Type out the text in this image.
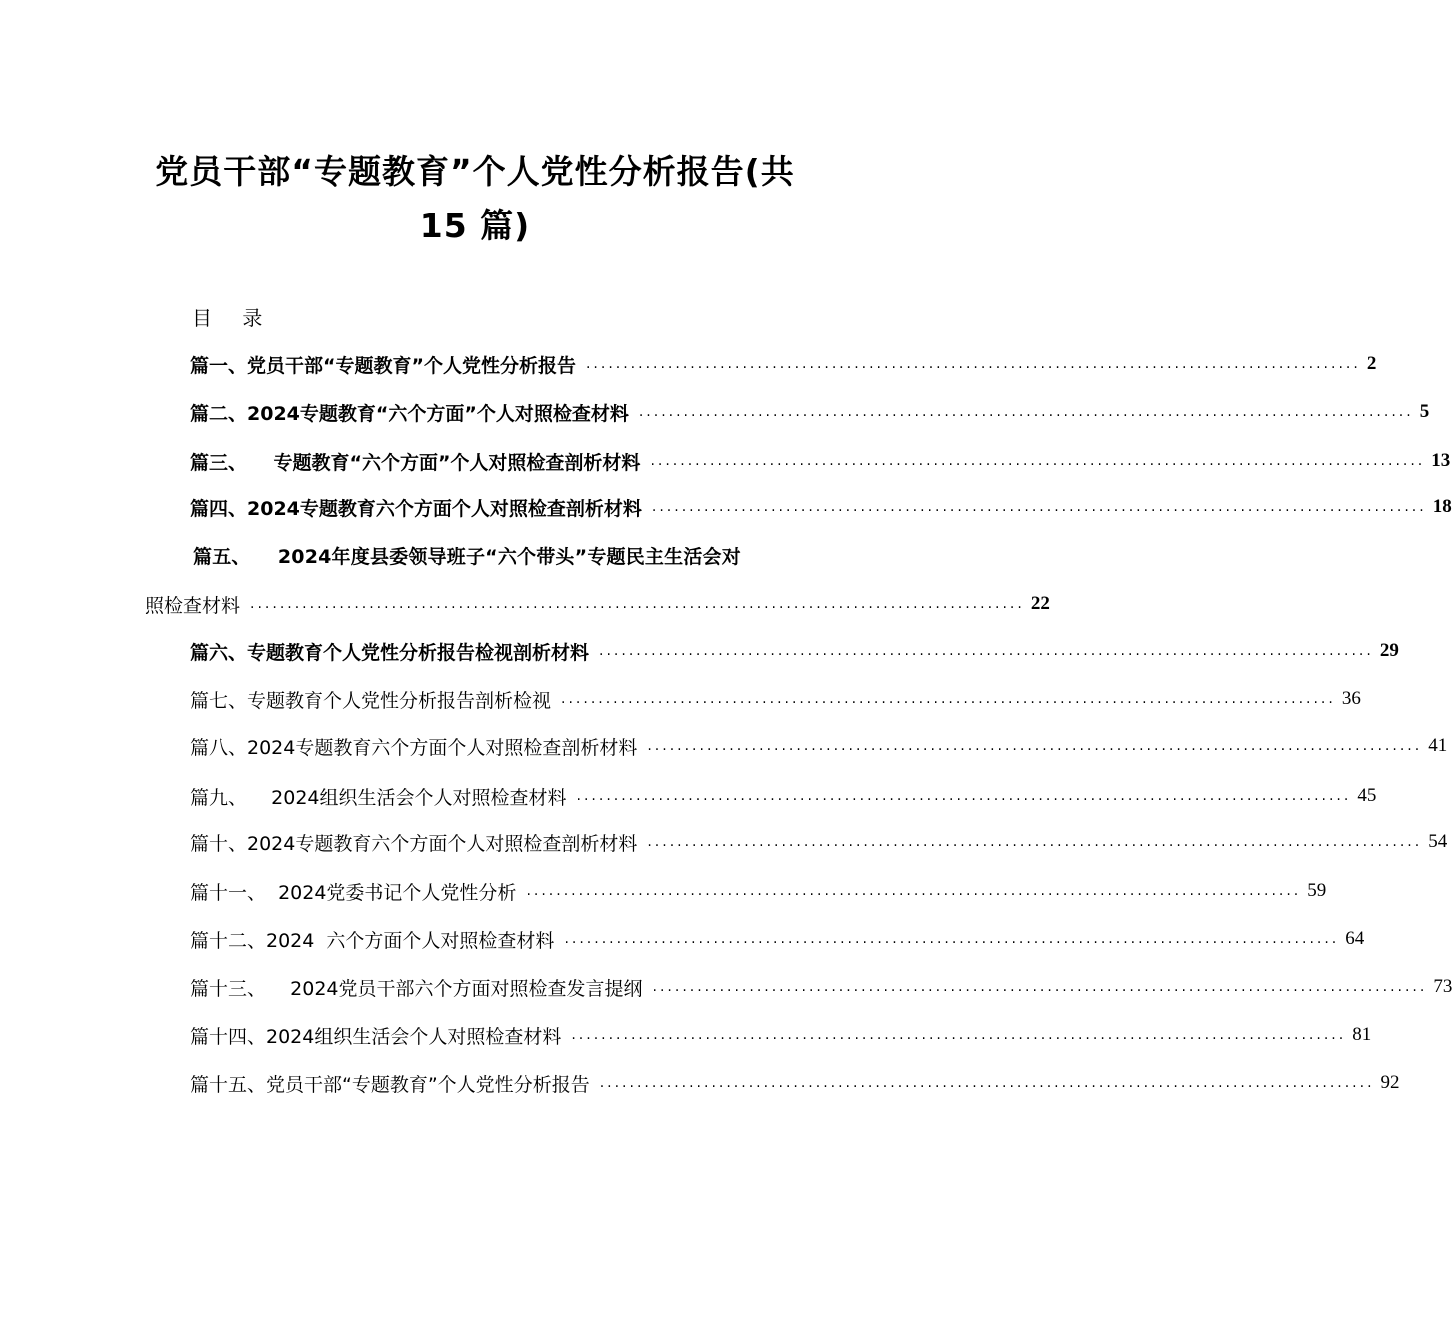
党员干部“专题教育”个人党性分析报告(共
15 篇)
目 录
篇一、党员干部“专题教育”个人党性分析报告 ........................................................................................................ 2
篇二、2024专题教育“六个方面”个人对照检查材料 ........................................................................................................ 5
篇三、    专题教育“六个方面”个人对照检查剖析材料 ........................................................................................................ 13
篇四、2024专题教育六个方面个人对照检查剖析材料 ........................................................................................................ 18
篇五、    2024年度县委领导班子“六个带头”专题民主生活会对
照检查材料 ........................................................................................................ 22
篇六、专题教育个人党性分析报告检视剖析材料 ........................................................................................................ 29
篇七、专题教育个人党性分析报告剖析检视 ........................................................................................................ 36
篇八、2024专题教育六个方面个人对照检查剖析材料 ........................................................................................................ 41
篇九、    2024组织生活会个人对照检查材料 ........................................................................................................ 45
篇十、2024专题教育六个方面个人对照检查剖析材料 ........................................................................................................ 54
篇十一、  2024党委书记个人党性分析 ........................................................................................................ 59
篇十二、2024  六个方面个人对照检查材料 ........................................................................................................ 64
篇十三、    2024党员干部六个方面对照检查发言提纲 ........................................................................................................ 73
篇十四、2024组织生活会个人对照检查材料 ........................................................................................................ 81
篇十五、党员干部“专题教育”个人党性分析报告 ........................................................................................................ 92
